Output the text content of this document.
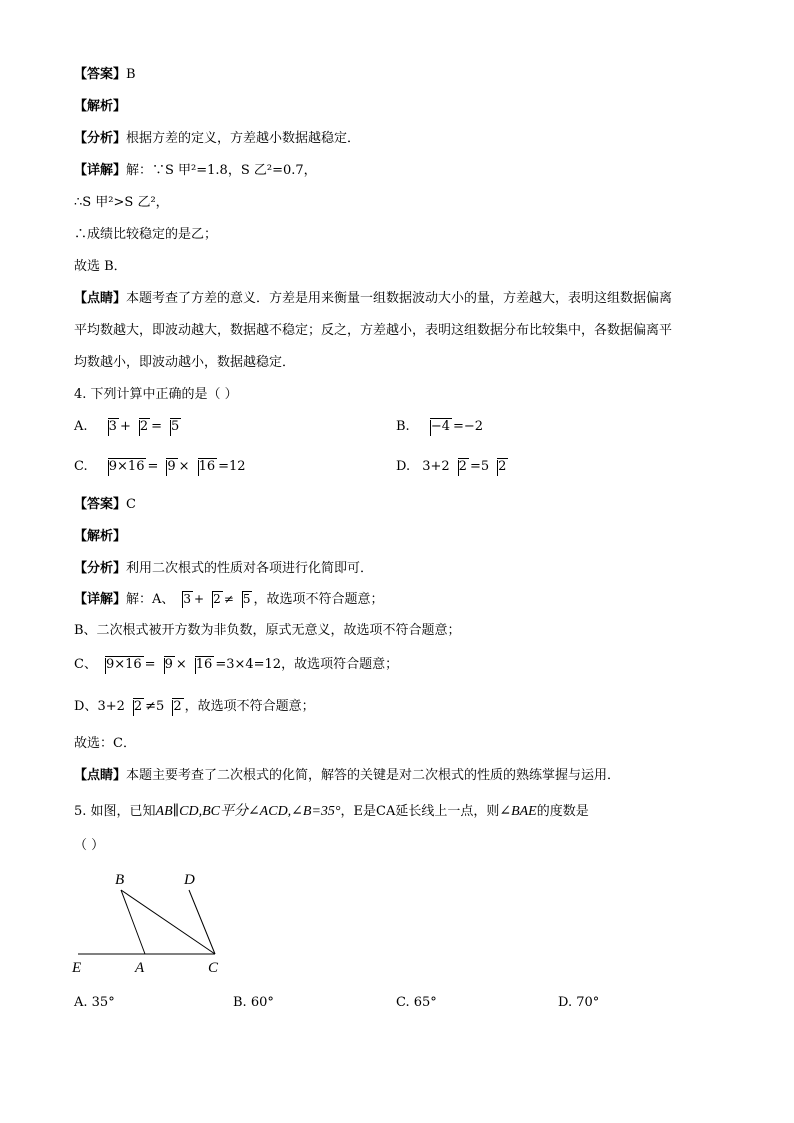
【答案】B
【解析】
【分析】根据方差的定义，方差越小数据越稳定．
【详解】解：∵S 甲²=1.8，S 乙²=0.7，
∴S 甲²>S 乙²，
∴成绩比较稳定的是乙；
故选 B．
【点睛】本题考查了方差的意义．方差是用来衡量一组数据波动大小的量，方差越大，表明这组数据偏离
平均数越大，即波动越大，数据越不稳定；反之，方差越小，表明这组数据分布比较集中，各数据偏离平
均数越小，即波动越小，数据越稳定．
4. 下列计算中正确的是（ ）
A. 3 + 2 = 5	B. −4 =−2
C. 9×16 = 9 × 16 =12	D. 3+2 2 =5 2
【答案】C
【解析】
【分析】利用二次根式的性质对各项进行化简即可．
【详解】解：A、 3 + 2 ≠ 5 ，故选项不符合题意；
B、二次根式被开方数为非负数，原式无意义，故选项不符合题意；
C、 9×16 = 9 × 16 =3×4=12，故选项符合题意；
D、3+2 2 ≠5 2 ，故选项不符合题意；
故选：C．
【点睛】本题主要考查了二次根式的化简，解答的关键是对二次根式的性质的熟练掌握与运用．
5. 如图，已知AB∥CD,BC平分∠ACD,∠B=35°，E是CA延长线上一点，则∠BAE的度数是
（ ）
B	D
E	A	C
A. 35°	B. 60°	C. 65°	D. 70°
